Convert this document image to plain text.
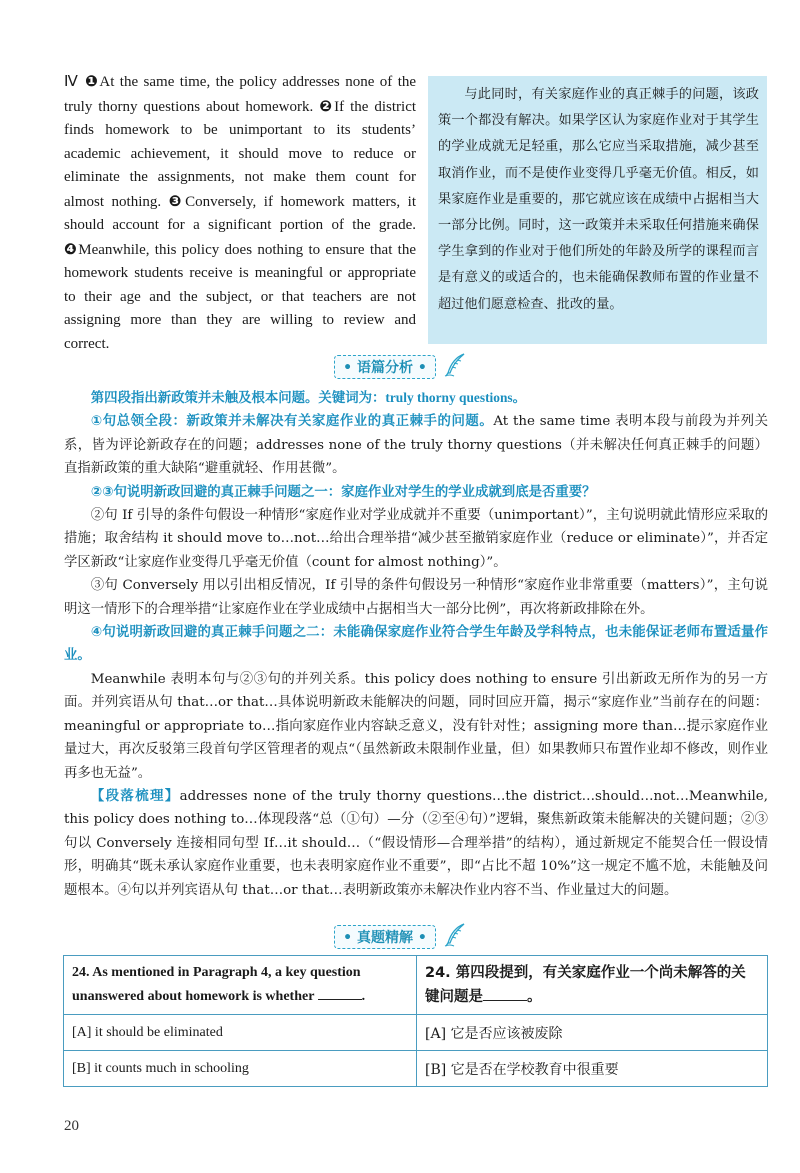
Ⅳ ❶At the same time, the policy addresses none of the truly thorny questions about homework. ❷If the district finds homework to be unimportant to its students’ academic achievement, it should move to reduce or eliminate the assignments, not make them count for almost nothing. ❸Conversely, if homework matters, it should account for a significant portion of the grade. ❹Meanwhile, this policy does nothing to ensure that the homework students receive is meaningful or appropriate to their age and the subject, or that teachers are not assigning more than they are willing to review and correct.
与此同时，有关家庭作业的真正棘手的问题，该政策一个都没有解决。如果学区认为家庭作业对于其学生的学业成就无足轻重，那么它应当采取措施，减少甚至取消作业，而不是使作业变得几乎毫无价值。相反，如果家庭作业是重要的，那它就应该在成绩中占据相当大一部分比例。同时，这一政策并未采取任何措施来确保学生拿到的作业对于他们所处的年龄及所学的课程而言是有意义的或适合的，也未能确保教师布置的作业量不超过他们愿意检查、批改的量。
• 语篇分析 •

第四段指出新政策并未触及根本问题。关键词为：truly thorny questions。

①句总领全段：新政策并未解决有关家庭作业的真正棘手的问题。At the same time 表明本段与前段为并列关系，皆为评论新政存在的问题；addresses none of the truly thorny questions（并未解决任何真正棘手的问题）直指新政策的重大缺陷“避重就轻、作用甚微”。

②③句说明新政回避的真正棘手问题之一：家庭作业对学生的学业成就到底是否重要？

②句 If 引导的条件句假设一种情形“家庭作业对学业成就并不重要（unimportant）”，主句说明就此情形应采取的措施；取舍结构 it should move to…not…给出合理举措“减少甚至撤销家庭作业（reduce or eliminate）”，并否定学区新政“让家庭作业变得几乎毫无价值（count for almost nothing）”。

③句 Conversely 用以引出相反情况，If 引导的条件句假设另一种情形“家庭作业非常重要（matters）”，主句说明这一情形下的合理举措“让家庭作业在学业成绩中占据相当大一部分比例”，再次将新政排除在外。

④句说明新政回避的真正棘手问题之二：未能确保家庭作业符合学生年龄及学科特点，也未能保证老师布置适量作业。

Meanwhile 表明本句与②③句的并列关系。this policy does nothing to ensure 引出新政无所作为的另一方面。并列宾语从句 that…or that…具体说明新政未能解决的问题，同时回应开篇，揭示“家庭作业”当前存在的问题：meaningful or appropriate to…指向家庭作业内容缺乏意义，没有针对性；assigning more than…提示家庭作业量过大，再次反驳第三段首句学区管理者的观点“（虽然新政未限制作业量，但）如果教师只布置作业却不修改，则作业再多也无益”。

【段落梳理】addresses none of the truly thorny questions…the district…should…not…Meanwhile, this policy does nothing to…体现段落“总（①句）—分（②至④句）”逻辑，聚焦新政策未能解决的关键问题；②③句以 Conversely 连接相同句型 If…it should…（“假设情形—合理举措”的结构），通过新规定不能契合任一假设情形，明确其“既未承认家庭作业重要，也未表明家庭作业不重要”，即“占比不超 10%”这一规定不尴不尬，未能触及问题根本。④句以并列宾语从句 that…or that…表明新政策亦未解决作业内容不当、作业量过大的问题。

• 真题精解 •
24. As mentioned in Paragraph 4, a key question unanswered about homework is whether .	24. 第四段提到，有关家庭作业一个尚未解答的关键问题是 。

[A] it should be eliminated	[A] 它是否应该被废除
[B] it counts much in schooling	[B] 它是否在学校教育中很重要
20
